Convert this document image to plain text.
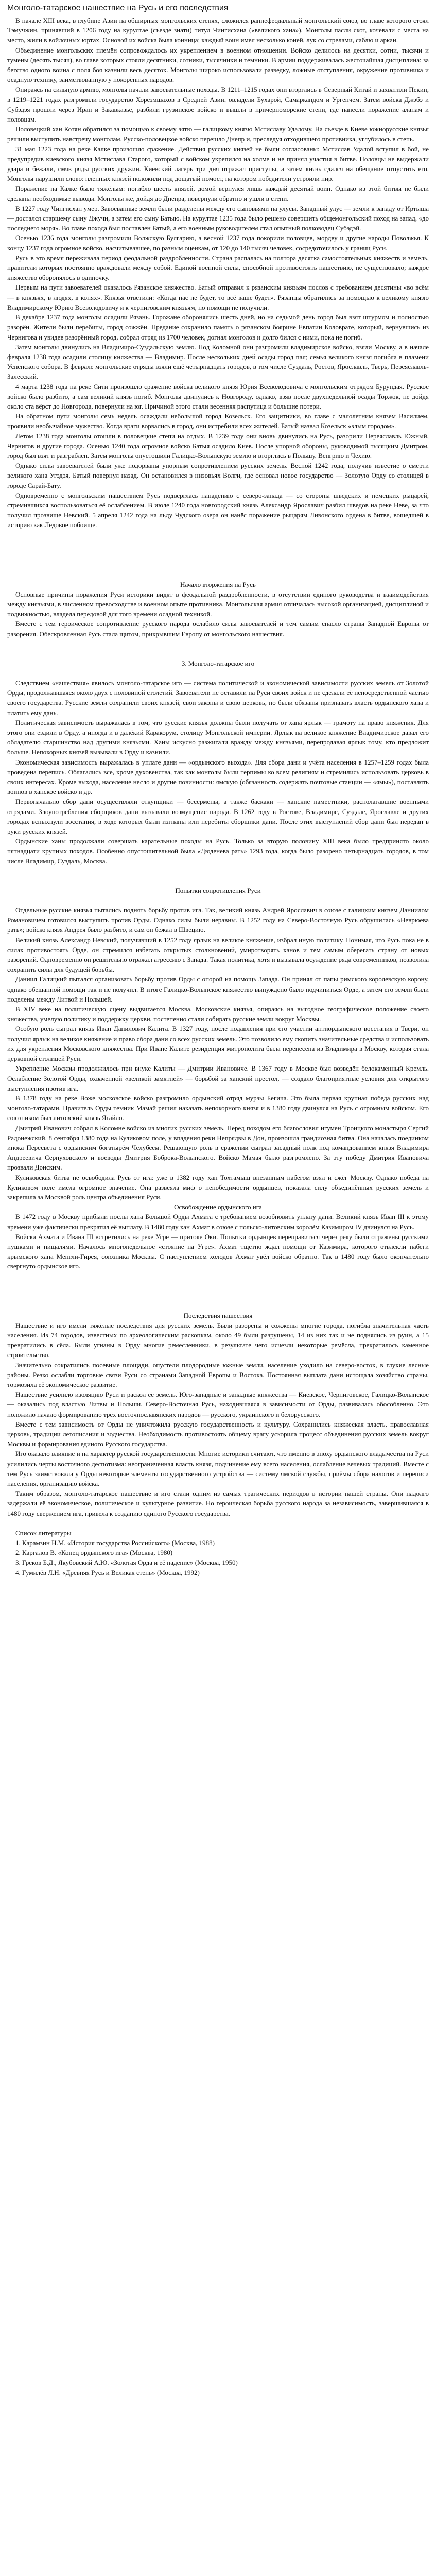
Монголо-татарское нашествие на Русь и его последствия

В начале XIII века, в глубине Азии на обширных монгольских степях, сложился раннефеодальный монгольский союз, во главе которого стоял Тэмучжин, принявший в 1206 году на курултае (съезде знати) титул Чингисхана («великого хана»). Монголы пасли скот, кочевали с места на место, жили в войлочных юртах. Основой их войска была конница; каждый воин имел несколько коней, лук со стрелами, саблю и аркан.

Объединение монгольских племён сопровождалось их укреплением в военном отношении. Войско делилось на десятки, сотни, тысячи и тумены (десять тысяч), во главе которых стояли десятники, сотники, тысячники и темники. В армии поддерживалась жесточайшая дисциплина: за бегство одного воина с поля боя казнили весь десяток. Монголы широко использовали разведку, ложные отступления, окружение противника и осадную технику, заимствованную у покорённых народов.

Опираясь на сильную армию, монголы начали завоевательные походы. В 1211–1215 годах они вторглись в Северный Китай и захватили Пекин, в 1219–1221 годах разгромили государство Хорезмшахов в Средней Азии, овладели Бухарой, Самаркандом и Ургенчем. Затем войска Джэбэ и Субэдэя прошли через Иран и Закавказье, разбили грузинское войско и вышли в причерноморские степи, где нанесли поражение аланам и половцам.

Половецкий хан Котян обратился за помощью к своему зятю — галицкому князю Мстиславу Удалому. На съезде в Киеве южнорусские князья решили выступить навстречу монголам. Русско-половецкое войско перешло Днепр и, преследуя отходившего противника, углубилось в степь.

31 мая 1223 года на реке Калке произошло сражение. Действия русских князей не были согласованы: Мстислав Удалой вступил в бой, не предупредив киевского князя Мстислава Старого, который с войском укрепился на холме и не принял участия в битве. Половцы не выдержали удара и бежали, смяв ряды русских дружин. Киевский лагерь три дня отражал приступы, а затем князь сдался на обещание отпустить его. Монголы нарушили слово: пленных князей положили под дощатый помост, на котором победители устроили пир.

Поражение на Калке было тяжёлым: погибло шесть князей, домой вернулся лишь каждый десятый воин. Однако из этой битвы не были сделаны необходимые выводы. Монголы же, дойдя до Днепра, повернули обратно и ушли в степи.

В 1227 году Чингисхан умер. Завоёванные земли были разделены между его сыновьями на улусы. Западный улус — земли к западу от Иртыша — достался старшему сыну Джучи, а затем его сыну Батыю. На курултае 1235 года было решено совершить общемонгольский поход на запад, «до последнего моря». Во главе похода был поставлен Батый, а его военным руководителем стал опытный полководец Субэдэй.

Осенью 1236 года монголы разгромили Волжскую Булгарию, а весной 1237 года покорили половцев, мордву и другие народы Поволжья. К концу 1237 года огромное войско, насчитывавшее, по разным оценкам, от 120 до 140 тысяч человек, сосредоточилось у границ Руси.

Русь в это время переживала период феодальной раздробленности. Страна распалась на полтора десятка самостоятельных княжеств и земель, правители которых постоянно враждовали между собой. Единой военной силы, способной противостоять нашествию, не существовало; каждое княжество оборонялось в одиночку.

Первым на пути завоевателей оказалось Рязанское княжество. Батый отправил к рязанским князьям послов с требованием десятины «во всём — в князьях, в людях, в конях». Князья ответили: «Когда нас не будет, то всё ваше будет». Рязанцы обратились за помощью к великому князю Владимирскому Юрию Всеволодовичу и к черниговским князьям, но помощи не получили.

В декабре 1237 года монголы осадили Рязань. Горожане оборонялись шесть дней, но на седьмой день город был взят штурмом и полностью разорён. Жители были перебиты, город сожжён. Предание сохранило память о рязанском боярине Евпатии Коловрате, который, вернувшись из Чернигова и увидев разорённый город, собрал отряд из 1700 человек, догнал монголов и долго бился с ними, пока не погиб.

Затем монголы двинулись на Владимиро-Суздальскую землю. Под Коломной они разгромили владимирское войско, взяли Москву, а в начале февраля 1238 года осадили столицу княжества — Владимир. После нескольких дней осады город пал; семья великого князя погибла в пламени Успенского собора. В феврале монгольские отряды взяли ещё четырнадцать городов, в том числе Суздаль, Ростов, Ярославль, Тверь, Переяславль-Залесский.

4 марта 1238 года на реке Сити произошло сражение войска великого князя Юрия Всеволодовича с монгольским отрядом Бурундая. Русское войско было разбито, а сам великий князь погиб. Монголы двинулись к Новгороду, однако, взяв после двухнедельной осады Торжок, не дойдя около ста вёрст до Новгорода, повернули на юг. Причиной этого стали весенняя распутица и большие потери.

На обратном пути монголы семь недель осаждали небольшой город Козельск. Его защитники, во главе с малолетним князем Василием, проявили необычайное мужество. Когда враги ворвались в город, они истребили всех жителей. Батый назвал Козельск «злым городом».

Летом 1238 года монголы отошли в половецкие степи на отдых. В 1239 году они вновь двинулись на Русь, разорили Переяславль Южный, Чернигов и другие города. Осенью 1240 года огромное войско Батыя осадило Киев. После упорной обороны, руководимой тысяцким Дмитром, город был взят и разграблен. Затем монголы опустошили Галицко-Волынскую землю и вторглись в Польшу, Венгрию и Чехию.

Однако силы завоевателей были уже подорваны упорным сопротивлением русских земель. Весной 1242 года, получив известие о смерти великого хана Угэдэя, Батый повернул назад. Он остановился в низовьях Волги, где основал новое государство — Золотую Орду со столицей в городе Сарай-Бату.

Одновременно с монгольским нашествием Русь подверглась нападению с северо-запада — со стороны шведских и немецких рыцарей, стремившихся воспользоваться её ослаблением. В июле 1240 года новгородский князь Александр Ярославич разбил шведов на реке Неве, за что получил прозвище Невский. 5 апреля 1242 года на льду Чудского озера он нанёс поражение рыцарям Ливонского ордена в битве, вошедшей в историю как Ледовое побоище.

Начало вторжения на Русь

Основные причины поражения Руси историки видят в феодальной раздробленности, в отсутствии единого руководства и взаимодействия между князьями, в численном превосходстве и военном опыте противника. Монгольская армия отличалась высокой организацией, дисциплиной и подвижностью, владела передовой для того времени осадной техникой.

Вместе с тем героическое сопротивление русского народа ослабило силы завоевателей и тем самым спасло страны Западной Европы от разорения. Обескровленная Русь стала щитом, прикрывшим Европу от монгольского нашествия.

3. Монголо-татарское иго

Следствием «нашествия» явилось монголо-татарское иго — система политической и экономической зависимости русских земель от Золотой Орды, продолжавшаяся около двух с половиной столетий. Завоеватели не оставили на Руси своих войск и не сделали её непосредственной частью своего государства. Русские земли сохранили своих князей, свои законы и свою церковь, но были обязаны признавать власть ордынского хана и платить ему дань.

Политическая зависимость выражалась в том, что русские князья должны были получать от хана ярлык — грамоту на право княжения. Для этого они ездили в Орду, а иногда и в далёкий Каракорум, столицу Монгольской империи. Ярлык на великое княжение Владимирское давал его обладателю старшинство над другими князьями. Ханы искусно разжигали вражду между князьями, перепродавая ярлык тому, кто предложит больше. Непокорных князей вызывали в Орду и казнили.

Экономическая зависимость выражалась в уплате дани — «ордынского выхода». Для сбора дани и учёта населения в 1257–1259 годах была проведена перепись. Облагались все, кроме духовенства, так как монголы были терпимы ко всем религиям и стремились использовать церковь в своих интересах. Кроме выхода, население несло и другие повинности: ямскую (обязанность содержать почтовые станции — «ямы»), поставлять воинов в ханское войско и др.

Первоначально сбор дани осуществляли откупщики — бесермены, а также баскаки — ханские наместники, располагавшие военными отрядами. Злоупотребления сборщиков дани вызывали возмущение народа. В 1262 году в Ростове, Владимире, Суздале, Ярославле и других городах вспыхнули восстания, в ходе которых были изгнаны или перебиты сборщики дани. После этих выступлений сбор дани был передан в руки русских князей.

Ордынские ханы продолжали совершать карательные походы на Русь. Только за вторую половину XIII века было предпринято около пятнадцати крупных походов. Особенно опустошительной была «Дюденева рать» 1293 года, когда было разорено четырнадцать городов, в том числе Владимир, Суздаль, Москва.

Попытки сопротивления Руси

Отдельные русские князья пытались поднять борьбу против ига. Так, великий князь Андрей Ярославич в союзе с галицким князем Даниилом Романовичем готовился выступить против Орды. Однако силы были неравны. В 1252 году на Северо-Восточную Русь обрушилась «Неврюева рать»; войско князя Андрея было разбито, и сам он бежал в Швецию.

Великий князь Александр Невский, получивший в 1252 году ярлык на великое княжение, избрал иную политику. Понимая, что Русь пока не в силах противостоять Орде, он стремился избегать открытых столкновений, умиротворять ханов и тем самым оберегать страну от новых разорений. Одновременно он решительно отражал агрессию с Запада. Такая политика, хотя и вызывала осуждение ряда современников, позволила сохранить силы для будущей борьбы.

Даниил Галицкий пытался организовать борьбу против Орды с опорой на помощь Запада. Он принял от папы римского королевскую корону, однако обещанной помощи так и не получил. В итоге Галицко-Волынское княжество вынуждено было подчиниться Орде, а затем его земли были поделены между Литвой и Польшей.

В XIV веке на политическую сцену выдвигается Москва. Московские князья, опираясь на выгодное географическое положение своего княжества, умелую политику и поддержку церкви, постепенно стали собирать русские земли вокруг Москвы.

Особую роль сыграл князь Иван Данилович Калита. В 1327 году, после подавления при его участии антиордынского восстания в Твери, он получил ярлык на великое княжение и право сбора дани со всех русских земель. Это позволило ему скопить значительные средства и использовать их для укрепления Московского княжества. При Иване Калите резиденция митрополита была перенесена из Владимира в Москву, которая стала церковной столицей Руси.

Укрепление Москвы продолжилось при внуке Калиты — Дмитрии Ивановиче. В 1367 году в Москве был возведён белокаменный Кремль. Ослабление Золотой Орды, охваченной «великой замятней» — борьбой за ханский престол, — создало благоприятные условия для открытого выступления против ига.

В 1378 году на реке Воже московское войско разгромило ордынский отряд мурзы Бегича. Это была первая крупная победа русских над монголо-татарами. Правитель Орды темник Мамай решил наказать непокорного князя и в 1380 году двинулся на Русь с огромным войском. Его союзником был литовский князь Ягайло.

Дмитрий Иванович собрал в Коломне войско из многих русских земель. Перед походом его благословил игумен Троицкого монастыря Сергий Радонежский. 8 сентября 1380 года на Куликовом поле, у впадения реки Непрядвы в Дон, произошла грандиозная битва. Она началась поединком инока Пересвета с ордынским богатырём Челубеем. Решающую роль в сражении сыграл засадный полк под командованием князя Владимира Андреевича Серпуховского и воеводы Дмитрия Боброка-Волынского. Войско Мамая было разгромлено. За эту победу Дмитрия Ивановича прозвали Донским.

Куликовская битва не освободила Русь от ига: уже в 1382 году хан Тохтамыш внезапным набегом взял и сжёг Москву. Однако победа на Куликовом поле имела огромное значение. Она развеяла миф о непобедимости ордынцев, показала силу объединённых русских земель и закрепила за Москвой роль центра объединения Руси.

Освобождение ордынского ига

В 1472 году в Москву прибыли послы хана Большой Орды Ахмата с требованием возобновить уплату дани. Великий князь Иван III к этому времени уже фактически прекратил её выплату. В 1480 году хан Ахмат в союзе с польско-литовским королём Казимиром IV двинулся на Русь.

Войска Ахмата и Ивана III встретились на реке Угре — притоке Оки. Попытки ордынцев переправиться через реку были отражены русскими пушками и пищалями. Началось многонедельное «стояние на Угре». Ахмат тщетно ждал помощи от Казимира, которого отвлекли набеги крымского хана Менгли-Гирея, союзника Москвы. С наступлением холодов Ахмат увёл войско обратно. Так в 1480 году было окончательно свергнуто ордынское иго.

Последствия нашествия

Нашествие и иго имели тяжёлые последствия для русских земель. Были разорены и сожжены многие города, погибла значительная часть населения. Из 74 городов, известных по археологическим раскопкам, около 49 были разрушены, 14 из них так и не поднялись из руин, а 15 превратились в сёла. Были угнаны в Орду многие ремесленники, в результате чего исчезли некоторые ремёсла, прекратилось каменное строительство.

Значительно сократились посевные площади, опустели плодородные южные земли, население уходило на северо-восток, в глухие лесные районы. Резко ослабли торговые связи Руси со странами Западной Европы и Востока. Постоянная выплата дани истощала хозяйство страны, тормозила её экономическое развитие.

Нашествие усилило изоляцию Руси и раскол её земель. Юго-западные и западные княжества — Киевское, Черниговское, Галицко-Волынское — оказались под властью Литвы и Польши. Северо-Восточная Русь, находившаяся в зависимости от Орды, развивалась обособленно. Это положило начало формированию трёх восточнославянских народов — русского, украинского и белорусского.

Вместе с тем зависимость от Орды не уничтожила русскую государственность и культуру. Сохранились княжеская власть, православная церковь, традиции летописания и зодчества. Необходимость противостоять общему врагу ускорила процесс объединения русских земель вокруг Москвы и формирования единого Русского государства.

Иго оказало влияние и на характер русской государственности. Многие историки считают, что именно в эпоху ордынского владычества на Руси усилились черты восточного деспотизма: неограниченная власть князя, подчинение ему всего населения, ослабление вечевых традиций. Вместе с тем Русь заимствовала у Орды некоторые элементы государственного устройства — систему ямской службы, приёмы сбора налогов и переписи населения, организацию войска.

Таким образом, монголо-татарское нашествие и иго стали одним из самых трагических периодов в истории нашей страны. Они надолго задержали её экономическое, политическое и культурное развитие. Но героическая борьба русского народа за независимость, завершившаяся в 1480 году свержением ига, привела к созданию единого Русского государства.

Список литературы

1. Карамзин Н.М. «История государства Российского» (Москва, 1988)

2. Каргалов В. «Конец ордынского ига» (Москва, 1980)

3. Греков Б.Д., Якубовский А.Ю. «Золотая Орда и её падение» (Москва, 1950)

4. Гумилёв Л.Н. «Древняя Русь и Великая степь» (Москва, 1992)
